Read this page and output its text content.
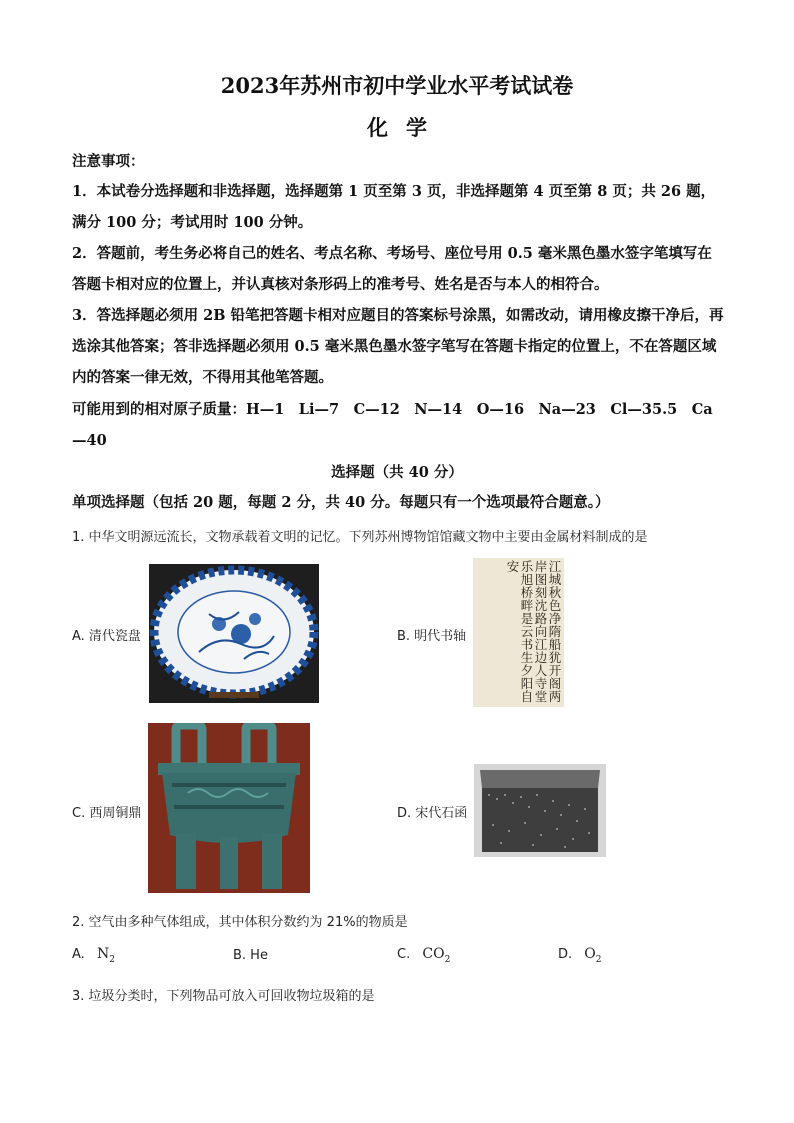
2023年苏州市初中学业水平考试试卷
化学
注意事项：
1．本试卷分选择题和非选择题，选择题第 1 页至第 3 页，非选择题第 4 页至第 8 页；共 26 题，满分 100 分；考试用时 100 分钟。
2．答题前，考生务必将自己的姓名、考点名称、考场号、座位号用 0.5 毫米黑色墨水签字笔填写在答题卡相对应的位置上，并认真核对条形码上的准考号、姓名是否与本人的相符合。
3．答选择题必须用 2B 铅笔把答题卡相对应题目的答案标号涂黑，如需改动，请用橡皮擦干净后，再选涂其他答案；答非选择题必须用 0.5 毫米黑色墨水签字笔写在答题卡指定的位置上，不在答题区域内的答案一律无效，不得用其他笔答题。
可能用到的相对原子质量：H—1　Li—7　C—12　N—14　O—16　Na—23　Cl—35.5　Ca—40
选择题（共 40 分）
单项选择题（包括 20 题，每题 2 分，共 40 分。每题只有一个选项最符合题意。）
1. 中华文明源远流长，文物承载着文明的记忆。下列苏州博物馆馆藏文物中主要由金属材料制成的是
A. 清代瓷盘	B. 明代书轴	江城秋色净隋船犹开阁两岸图刻沈路向江边人寺堂乐旭桥畔是云书生夕阳自安
C. 西周铜鼎	D. 宋代石函
2. 空气由多种气体组成，其中体积分数约为 21%的物质是
A. $N_2$	B. He	C. $CO_2$	D. $O_2$
3. 垃圾分类时，下列物品可放入可回收物垃圾箱的是
